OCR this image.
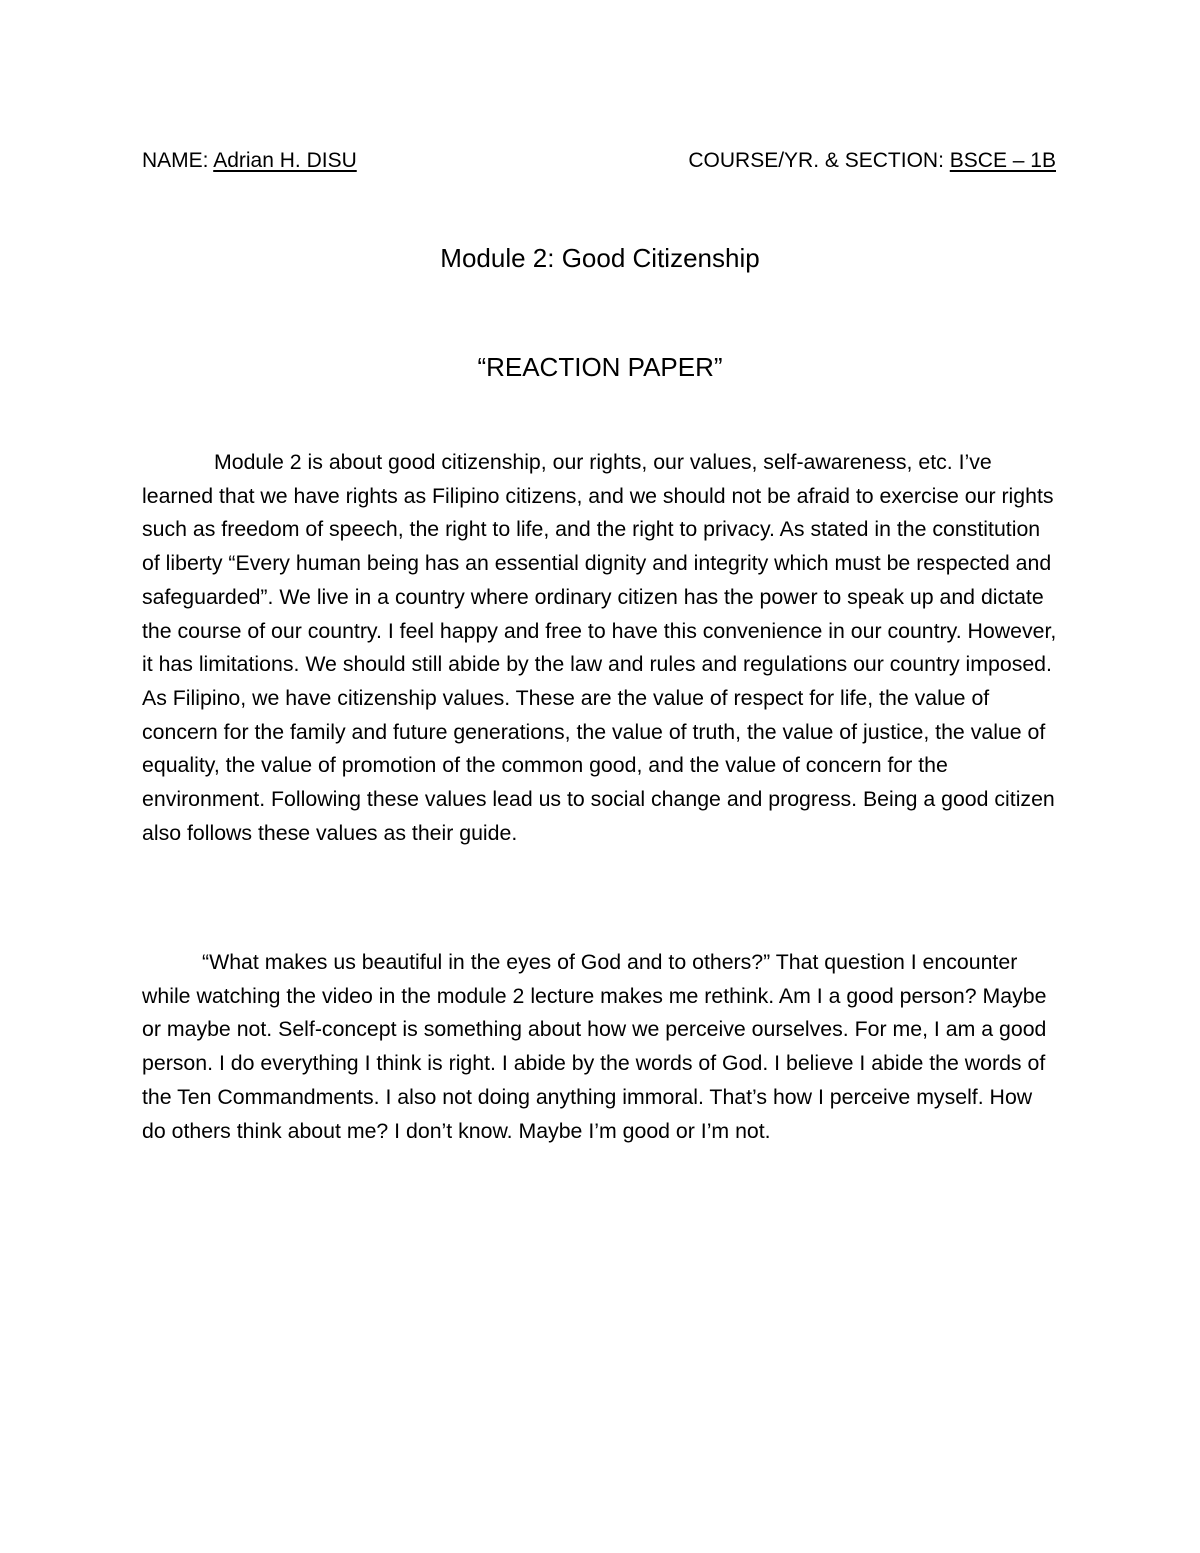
NAME: Adrian H. DISU	COURSE/YR. & SECTION: BSCE – 1B
Module 2: Good Citizenship
“REACTION PAPER”

Module 2 is about good citizenship, our rights, our values, self-awareness, etc. I’ve learned that we have rights as Filipino citizens, and we should not be afraid to exercise our rights such as freedom of speech, the right to life, and the right to privacy. As stated in the constitution of liberty “Every human being has an essential dignity and integrity which must be respected and safeguarded”. We live in a country where ordinary citizen has the power to speak up and dictate the course of our country. I feel happy and free to have this convenience in our country. However, it has limitations. We should still abide by the law and rules and regulations our country imposed. As Filipino, we have citizenship values. These are the value of respect for life, the value of concern for the family and future generations, the value of truth, the value of justice, the value of equality, the value of promotion of the common good, and the value of concern for the environment. Following these values lead us to social change and progress. Being a good citizen also follows these values as their guide.

“What makes us beautiful in the eyes of God and to others?” That question I encounter while watching the video in the module 2 lecture makes me rethink. Am I a good person? Maybe or maybe not. Self-concept is something about how we perceive ourselves. For me, I am a good person. I do everything I think is right. I abide by the words of God. I believe I abide the words of the Ten Commandments. I also not doing anything immoral. That’s how I perceive myself. How do others think about me? I don’t know. Maybe I’m good or I’m not.
